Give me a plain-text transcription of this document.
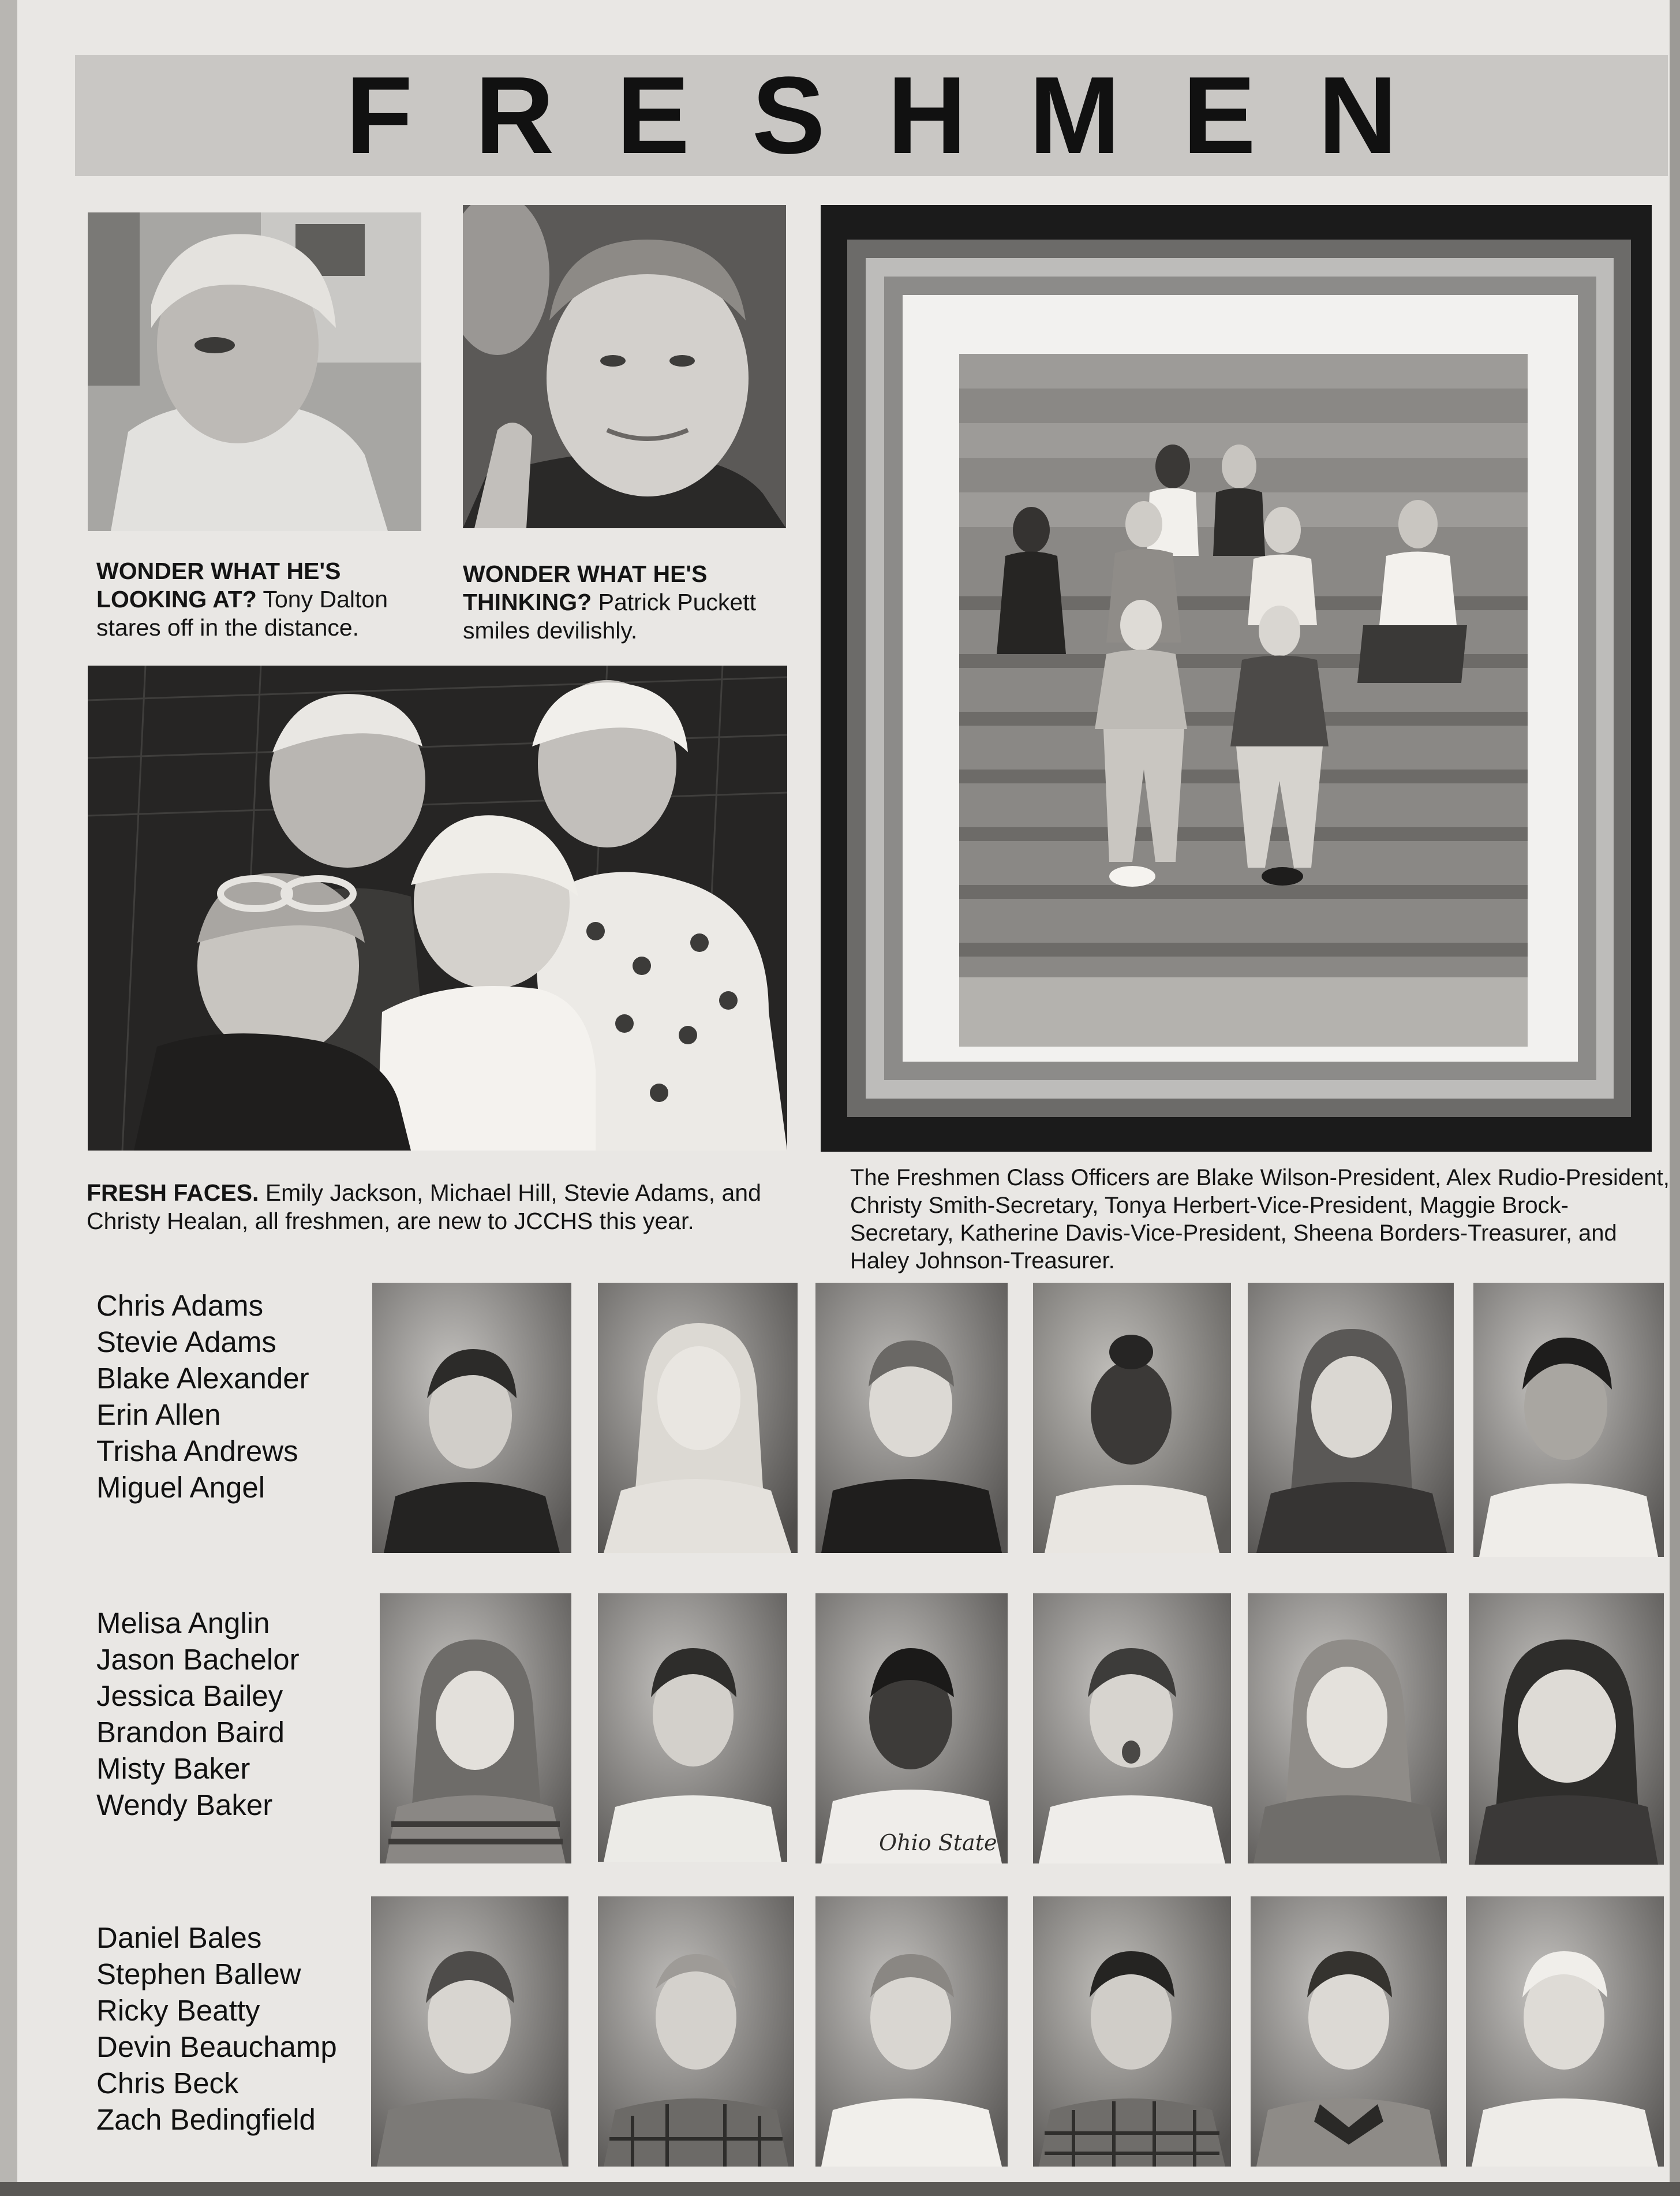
FRESHMEN
WONDER WHAT HE'S LOOKING AT? Tony Dalton stares off in the distance.
WONDER WHAT HE'S THINKING? Patrick Puckett smiles devilishly.
FRESH FACES. Emily Jackson, Michael Hill, Stevie Adams, and Christy Healan, all freshmen, are new to JCCHS this year.
The Freshmen Class Officers are Blake Wilson-President, Alex Rudio-President, Christy Smith-Secretary, Tonya Herbert-Vice-President, Maggie Brock-Secretary, Katherine Davis-Vice-President, Sheena Borders-Treasurer, and Haley Johnson-Treasurer.
Chris Adams
Stevie Adams
Blake Alexander
Erin Allen
Trisha Andrews
Miguel Angel
Melisa Anglin
Jason Bachelor
Jessica Bailey
Brandon Baird
Misty Baker
Wendy Baker
Ohio State
Daniel Bales
Stephen Ballew
Ricky Beatty
Devin Beauchamp
Chris Beck
Zach Bedingfield
